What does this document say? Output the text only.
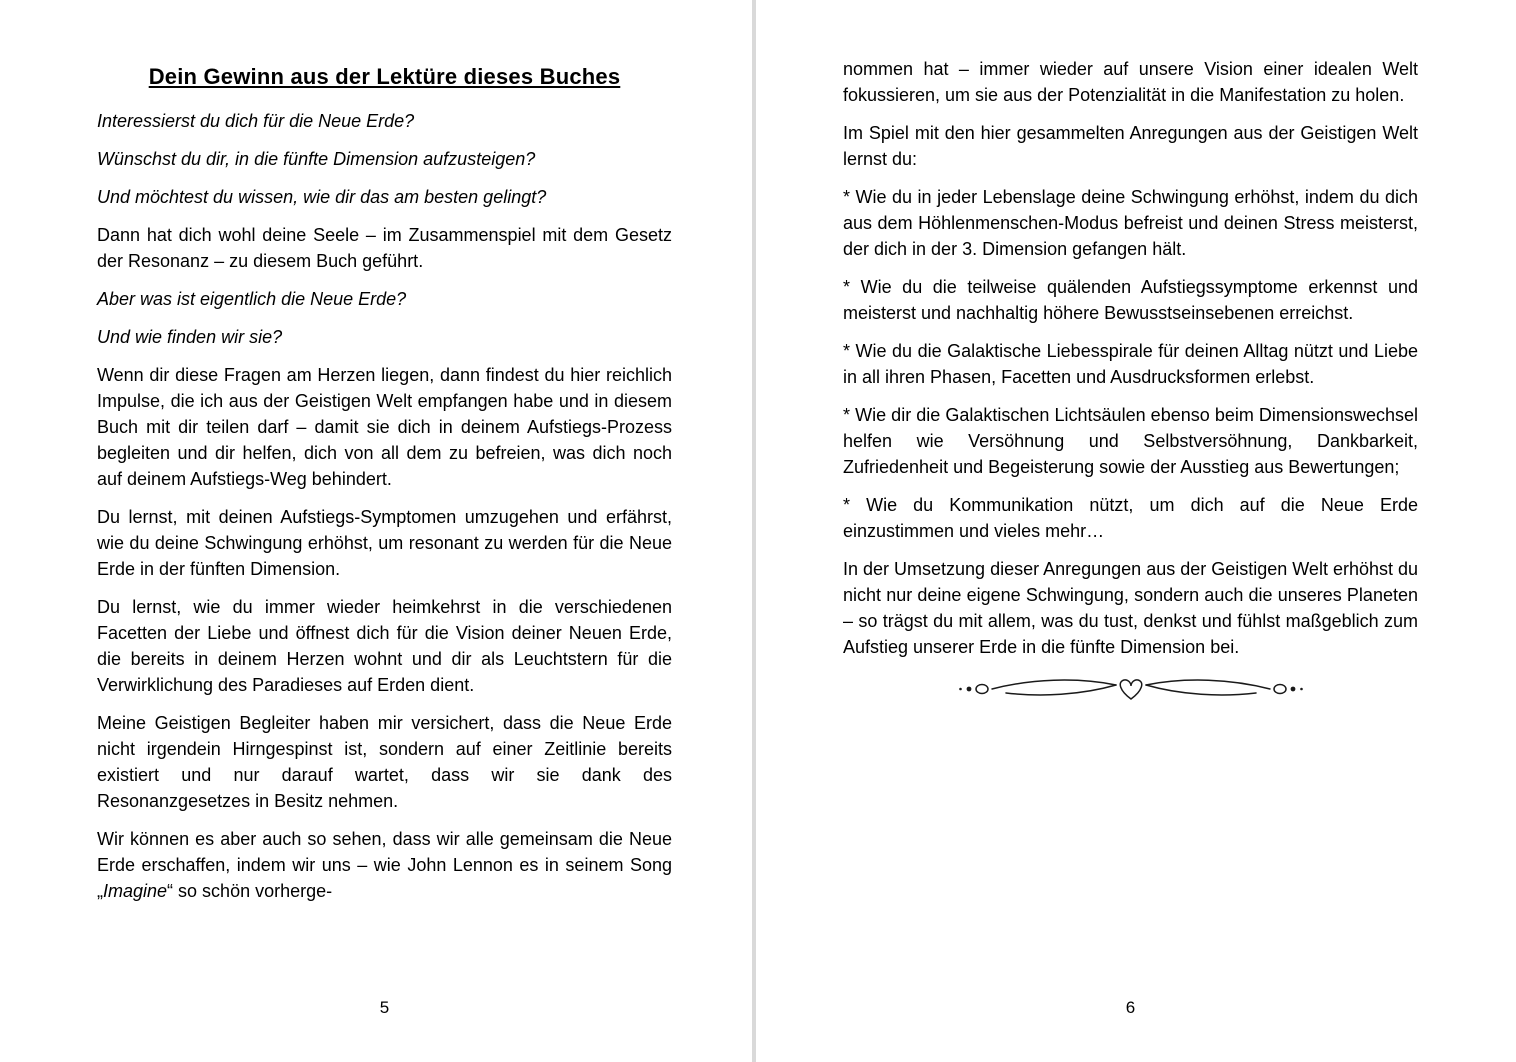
Dein Gewinn aus der Lektüre dieses Buches

Interessierst du dich für die Neue Erde?

Wünschst du dir, in die fünfte Dimension aufzusteigen?

Und möchtest du wissen, wie dir das am besten gelingt?

Dann hat dich wohl deine Seele – im Zusammenspiel mit dem Gesetz der Resonanz – zu diesem Buch geführt.

Aber was ist eigentlich die Neue Erde?

Und wie finden wir sie?

Wenn dir diese Fragen am Herzen liegen, dann findest du hier reichlich Impulse, die ich aus der Geistigen Welt empfangen habe und in diesem Buch mit dir teilen darf – damit sie dich in deinem Aufstiegs-Prozess begleiten und dir helfen, dich von all dem zu befreien, was dich noch auf deinem Aufstiegs-Weg behindert.

Du lernst, mit deinen Aufstiegs-Symptomen umzugehen und erfährst, wie du deine Schwingung erhöhst, um resonant zu werden für die Neue Erde in der fünften Dimension.

Du lernst, wie du immer wieder heimkehrst in die verschiedenen Facetten der Liebe und öffnest dich für die Vision deiner Neuen Erde, die bereits in deinem Herzen wohnt und dir als Leuchtstern für die Verwirklichung des Paradieses auf Erden dient.

Meine Geistigen Begleiter haben mir versichert, dass die Neue Erde nicht irgendein Hirngespinst ist, sondern auf einer Zeitlinie bereits existiert und nur darauf wartet, dass wir sie dank des Resonanzgesetzes in Besitz nehmen.

Wir können es aber auch so sehen, dass wir alle gemeinsam die Neue Erde erschaffen, indem wir uns – wie John Lennon es in seinem Song „Imagine“ so schön vorherge-

5

nommen hat – immer wieder auf unsere Vision einer idealen Welt fokussieren, um sie aus der Potenzialität in die Manifestation zu holen.

Im Spiel mit den hier gesammelten Anregungen aus der Geistigen Welt lernst du:

* Wie du in jeder Lebenslage deine Schwingung erhöhst, indem du dich aus dem Höhlenmenschen-Modus befreist und deinen Stress meisterst, der dich in der 3. Dimension gefangen hält.

* Wie du die teilweise quälenden Aufstiegssymptome erkennst und meisterst und nachhaltig höhere Bewusstseinsebenen erreichst.

* Wie du die Galaktische Liebesspirale für deinen Alltag nützt und Liebe in all ihren Phasen, Facetten und Ausdrucksformen erlebst.

* Wie dir die Galaktischen Lichtsäulen ebenso beim Dimensionswechsel helfen wie Versöhnung und Selbstversöhnung, Dankbarkeit, Zufriedenheit und Begeisterung sowie der Ausstieg aus Bewertungen;

* Wie du Kommunikation nützt, um dich auf die Neue Erde einzustimmen und vieles mehr…

In der Umsetzung dieser Anregungen aus der Geistigen Welt erhöhst du nicht nur deine eigene Schwingung, sondern auch die unseres Planeten – so trägst du mit allem, was du tust, denkst und fühlst maßgeblich zum Aufstieg unserer Erde in die fünfte Dimension bei.

6
